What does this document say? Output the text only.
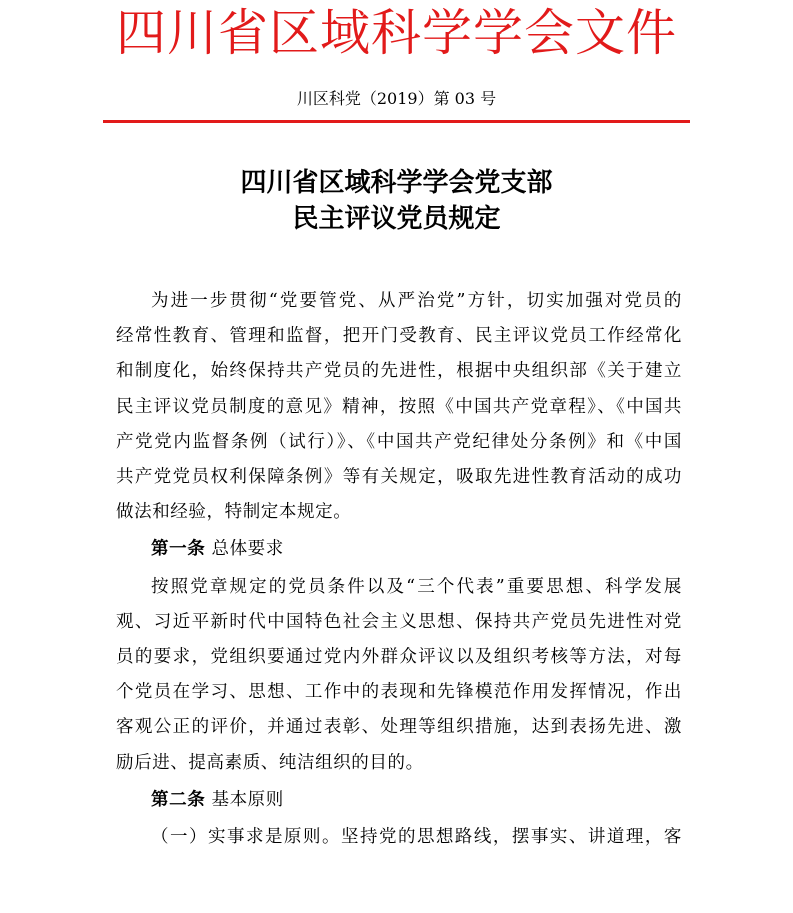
四川省区域科学学会文件
川区科党（2019）第 03 号
四川省区域科学学会党支部
民主评议党员规定

为进一步贯彻“党要管党、从严治党”方针，切实加强对党员的
经常性教育、管理和监督，把开门受教育、民主评议党员工作经常化
和制度化，始终保持共产党员的先进性，根据中央组织部《关于建立
民主评议党员制度的意见》精神，按照《中国共产党章程》、《中国共
产党党内监督条例（试行）》、《中国共产党纪律处分条例》和《中国
共产党党员权利保障条例》等有关规定，吸取先进性教育活动的成功
做法和经验，特制定本规定。

第一条 总体要求

按照党章规定的党员条件以及“三个代表”重要思想、科学发展
观、习近平新时代中国特色社会主义思想、保持共产党员先进性对党
员的要求，党组织要通过党内外群众评议以及组织考核等方法，对每
个党员在学习、思想、工作中的表现和先锋模范作用发挥情况，作出
客观公正的评价，并通过表彰、处理等组织措施，达到表扬先进、激
励后进、提高素质、纯洁组织的目的。

第二条 基本原则

（一）实事求是原则。坚持党的思想路线，摆事实、讲道理，客
